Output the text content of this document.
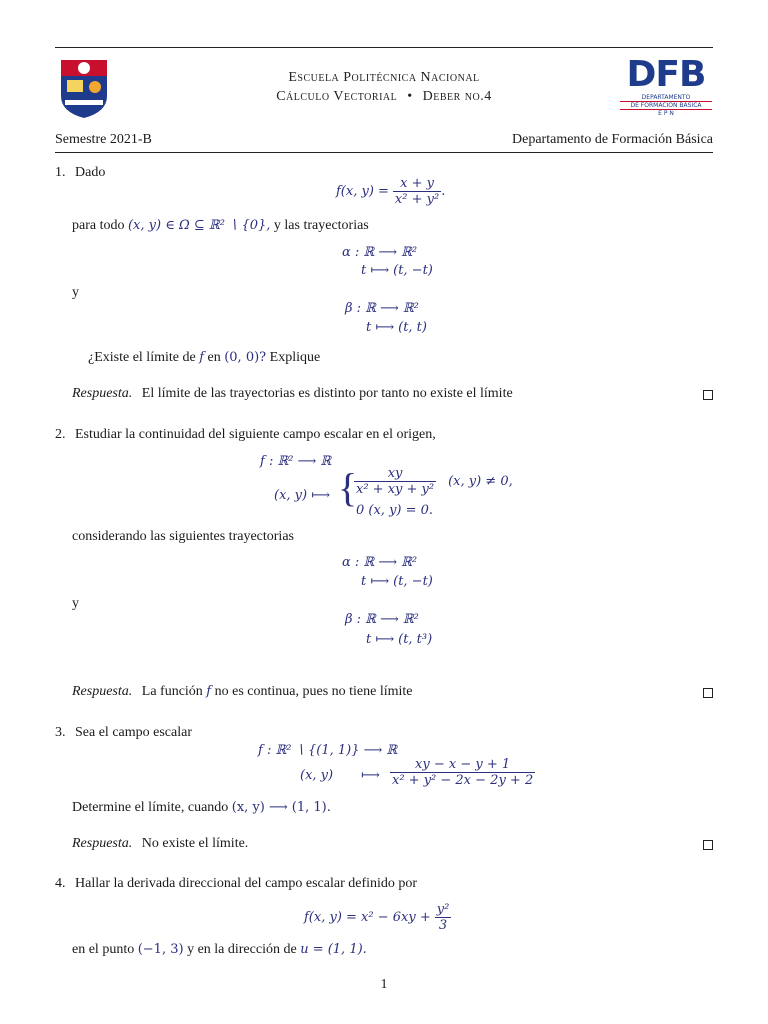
Escuela Politécnica Nacional
Cálculo Vectorial • Deber no.4
DFB
DEPARTAMENTO
DE FORMACIÓN BÁSICA
E P N
Semestre 2021-B	Departamento de Formación Básica
1. Dado
f(x, $y) = \frac{x + y}{\text{x² + y²}}$ .
para todo (x, y) ∈ Ω ⊆ ℝ² ∖ {0}, y las trayectorias
α : ℝ ⟶ ℝ²
t ⟼ (t, −t)
y
β : ℝ ⟶ ℝ²
t ⟼ (t, t)
¿Existe el límite de f en (0, 0)? Explique
Respuesta. El límite de las trayectorias es distinto por tanto no existe el límite
2. Estudiar la continuidad del siguiente campo escalar en el origen,
f : ℝ² ⟶ ℝ
(x, y) ⟼ {
$\frac{xy}{\text{x² + xy + y²}} (x$, y) ≠ 0,
0 (x, y) = 0.
considerando las siguientes trayectorias
α : ℝ ⟶ ℝ²
t ⟼ (t, −t)
y
β : ℝ ⟶ ℝ²
t ⟼ (t, t³)
Respuesta. La función f no es continua, pues no tiene límite
3. Sea el campo escalar
f : ℝ² ∖ {(1, 1)} ⟶ ℝ
(x, y) ⟼ $\frac{xy - x - y + 1}{\text{x² + y² − 2x − 2y + 2}}$
Determine el límite, cuando (x, y) ⟶ (1, 1).
Respuesta. No existe el límite.
4. Hallar la derivada direccional del campo escalar definido por
f(x, $y) = x^2 - 6xy + \frac{\text{y²}}{3}$
en el punto (−1, 3) y en la dirección de u = (1, 1).
1
